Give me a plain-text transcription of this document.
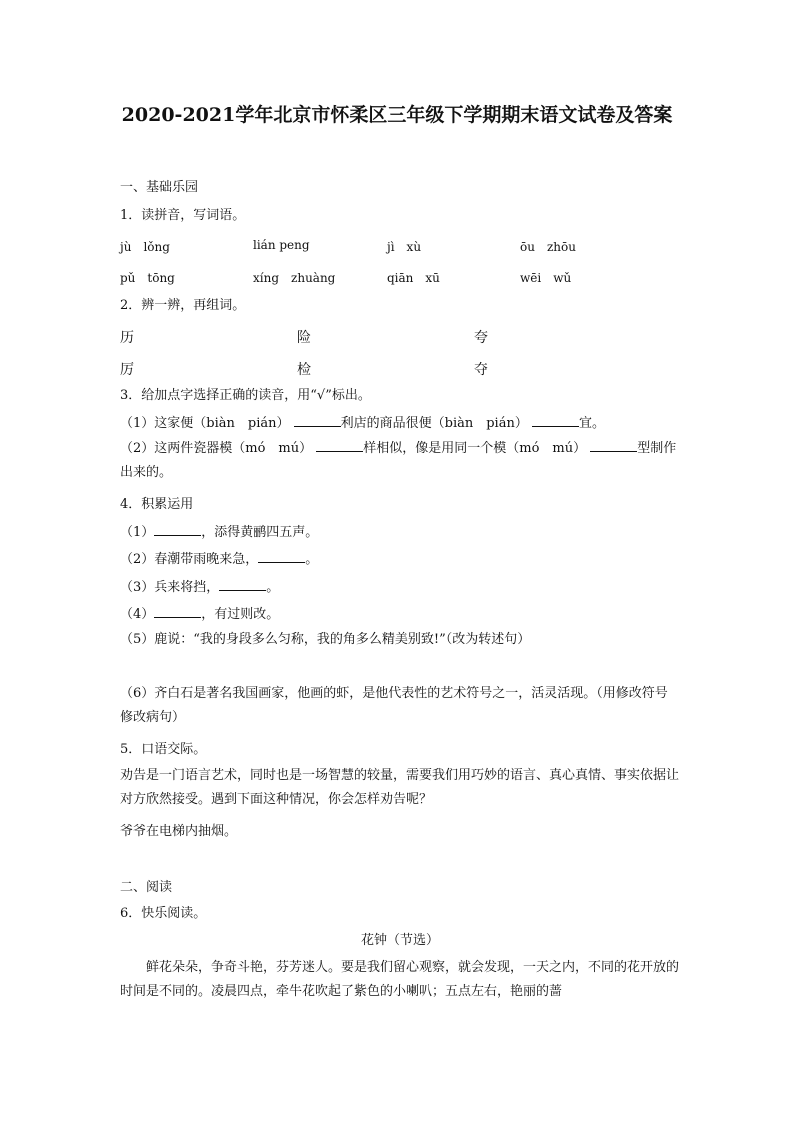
2020-2021学年北京市怀柔区三年级下学期期末语文试卷及答案
一、基础乐园
1．读拼音，写词语。
jù　lǒng	lián peng	jì　xù	ōu　zhōu
pǔ　tōng	xíng　zhuàng	qiān　xū	wēi　wǔ
2．辨一辨，再组词。
历	险	夸
厉	检	夺
3．给加点字选择正确的读音，用“√”标出。
（1）这家便（biàn　pián）	利店的商品很便（biàn　pián）	宜。
（2）这两件瓷器模（mó　mú）	样相似，像是用同一个模（mó　mú）	型制作出来的。
4．积累运用
（1）	，添得黄鹂四五声。
（2）春潮带雨晚来急，	。
（3）兵来将挡，	。
（4）	，有过则改。
（5）鹿说：“我的身段多么匀称，我的角多么精美别致!”（改为转述句）
（6）齐白石是著名我国画家，他画的虾，是他代表性的艺术符号之一，活灵活现。（用修改符号修改病句）
5．口语交际。
劝告是一门语言艺术，同时也是一场智慧的较量，需要我们用巧妙的语言、真心真情、事实依据让对方欣然接受。遇到下面这种情况，你会怎样劝告呢？
爷爷在电梯内抽烟。
二、阅读
6．快乐阅读。
花钟（节选）
鲜花朵朵，争奇斗艳，芬芳迷人。要是我们留心观察，就会发现，一天之内，不同的花开放的时间是不同的。凌晨四点，牵牛花吹起了紫色的小喇叭；五点左右，艳丽的蔷
